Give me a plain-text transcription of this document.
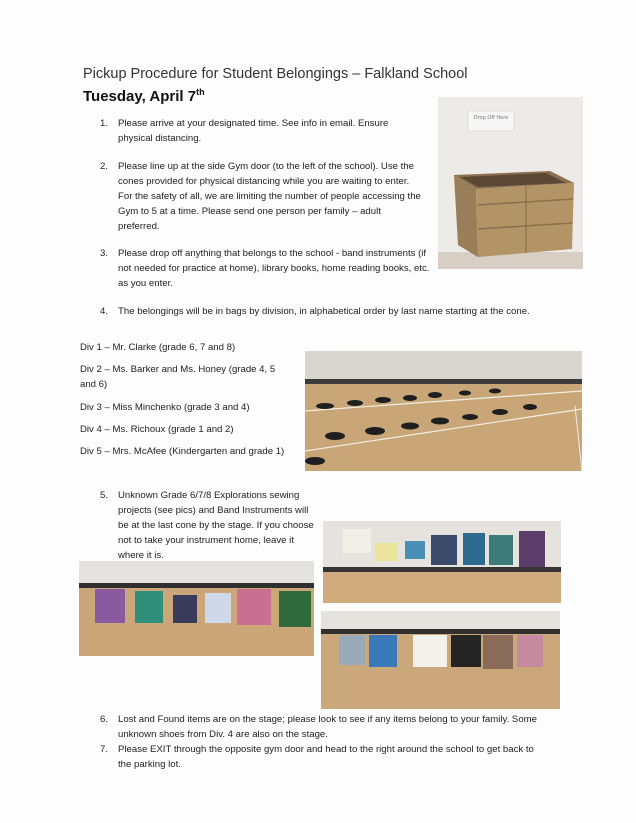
Pickup Procedure for Student Belongings – Falkland School
Tuesday, April 7th
1.	Please arrive at your designated time. See info in email. Ensure physical distancing.
2.	Please line up at the side Gym door (to the left of the school). Use the cones provided for physical distancing while you are waiting to enter. For the safety of all, we are limiting the number of people accessing the Gym to 5 at a time. Please send one person per family – adult preferred.
3.	Please drop off anything that belongs to the school - band instruments (if not needed for practice at home), library books, home reading books, etc. as you enter.
4.	The belongings will be in bags by division, in alphabetical order by last name starting at the cone.
Div 1 – Mr. Clarke (grade 6, 7 and 8)
Div 2 – Ms. Barker and Ms. Honey (grade 4, 5 and 6)
Div 3 – Miss Minchenko (grade 3 and 4)
Div 4 – Ms. Richoux (grade 1 and 2)
Div 5 – Mrs. McAfee (Kindergarten and grade 1)
5.	Unknown Grade 6/7/8 Explorations sewing projects (see pics) and Band Instruments will be at the last cone by the stage. If you choose not to take your instrument home, leave it where it is.
6.	Lost and Found items are on the stage; please look to see if any items belong to your family. Some unknown shoes from Div. 4 are also on the stage.
7.	Please EXIT through the opposite gym door and head to the right around the school to get back to the parking lot.
Drop Off Here
